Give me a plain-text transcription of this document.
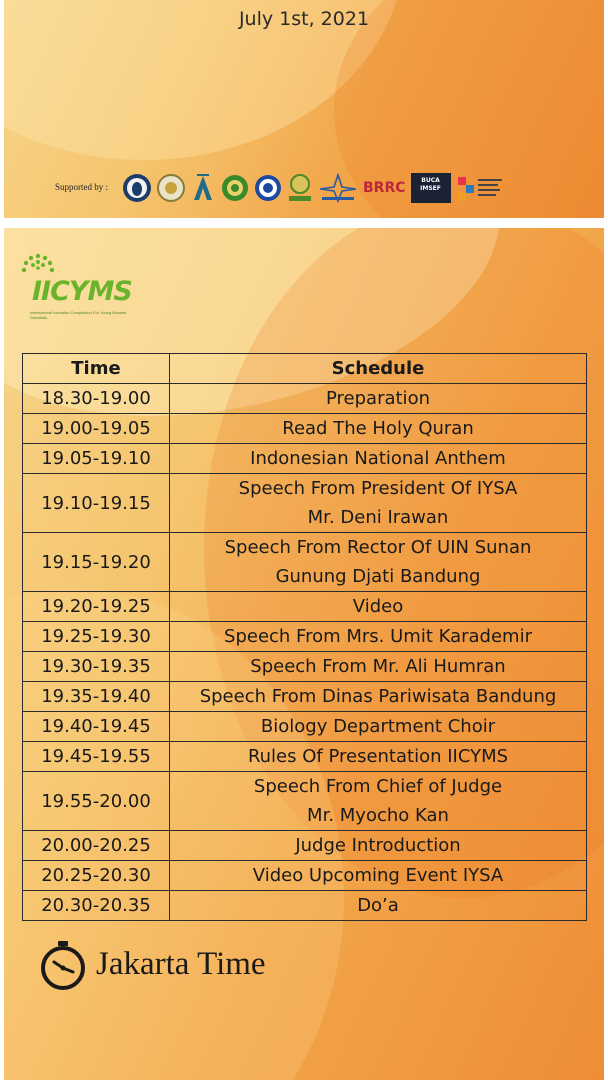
July 1st, 2021
Supported by :	BRRC	BUCA IMSEF
IICYMS
International Invention Competition For Young Moslem Scientists
Time	Schedule
18.30-19.00	Preparation

19.00-19.05	Read The Holy Quran

19.05-19.10	Indonesian National Anthem

19.10-19.15	Speech From President Of IYSA
Mr. Deni Irawan

19.15-19.20	Speech From Rector Of UIN Sunan
Gunung Djati Bandung

19.20-19.25	Video

19.25-19.30	Speech From Mrs. Umit Karademir

19.30-19.35	Speech From Mr. Ali Humran

19.35-19.40	Speech From Dinas Pariwisata Bandung

19.40-19.45	Biology Department Choir

19.45-19.55	Rules Of Presentation IICYMS

19.55-20.00	Speech From Chief of Judge
Mr. Myocho Kan

20.00-20.25	Judge Introduction

20.25-20.30	Video Upcoming Event IYSA

20.30-20.35	Do’a
Jakarta Time
